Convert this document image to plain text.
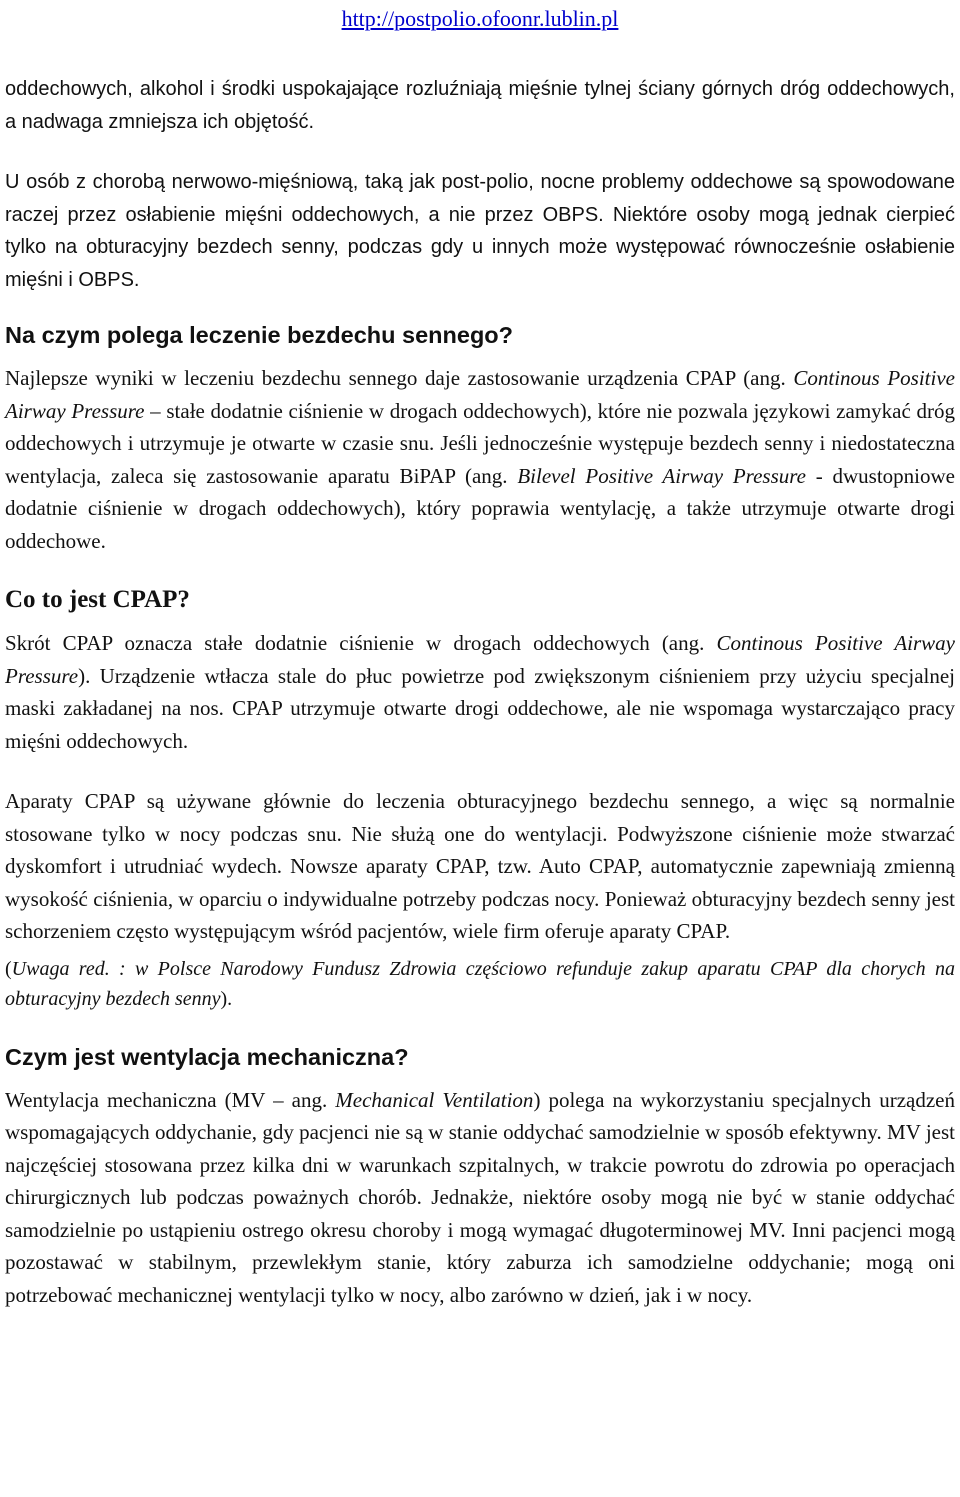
http://postpolio.ofoonr.lublin.pl

oddechowych, alkohol i środki uspokajające rozluźniają mięśnie tylnej ściany górnych dróg oddechowych, a nadwaga zmniejsza ich objętość.

U osób z chorobą nerwowo-mięśniową, taką jak post-polio, nocne problemy oddechowe są spowodowane raczej przez osłabienie mięśni oddechowych, a nie przez OBPS. Niektóre osoby mogą jednak cierpieć tylko na obturacyjny bezdech senny, podczas gdy u innych może występować równocześnie osłabienie mięśni i OBPS.

Na czym polega leczenie bezdechu sennego?

Najlepsze wyniki w leczeniu bezdechu sennego daje zastosowanie urządzenia CPAP (ang. Continous Positive Airway Pressure – stałe dodatnie ciśnienie w drogach oddechowych), które nie pozwala językowi zamykać dróg oddechowych i utrzymuje je otwarte w czasie snu. Jeśli jednocześnie występuje bezdech senny i niedostateczna wentylacja, zaleca się zastosowanie aparatu BiPAP (ang. Bilevel Positive Airway Pressure - dwustopniowe dodatnie ciśnienie w drogach oddechowych), który poprawia wentylację, a także utrzymuje otwarte drogi oddechowe.

Co to jest CPAP?

Skrót CPAP oznacza stałe dodatnie ciśnienie w drogach oddechowych (ang. Continous Positive Airway Pressure). Urządzenie wtłacza stale do płuc powietrze pod zwiększonym ciśnieniem przy użyciu specjalnej maski zakładanej na nos. CPAP utrzymuje otwarte drogi oddechowe, ale nie wspomaga wystarczająco pracy mięśni oddechowych.

Aparaty CPAP są używane głównie do leczenia obturacyjnego bezdechu sennego, a więc są normalnie stosowane tylko w nocy podczas snu. Nie służą one do wentylacji. Podwyższone ciśnienie może stwarzać dyskomfort i utrudniać wydech. Nowsze aparaty CPAP, tzw. Auto CPAP, automatycznie zapewniają zmienną wysokość ciśnienia, w oparciu o indywidualne potrzeby podczas nocy. Ponieważ obturacyjny bezdech senny jest schorzeniem często występującym wśród pacjentów, wiele firm oferuje aparaty CPAP.

(Uwaga red. : w Polsce Narodowy Fundusz Zdrowia częściowo refunduje zakup aparatu CPAP dla chorych na obturacyjny bezdech senny).

Czym jest wentylacja mechaniczna?

Wentylacja mechaniczna (MV – ang. Mechanical Ventilation) polega na wykorzystaniu specjalnych urządzeń wspomagających oddychanie, gdy pacjenci nie są w stanie oddychać samodzielnie w sposób efektywny. MV jest najczęściej stosowana przez kilka dni w warunkach szpitalnych, w trakcie powrotu do zdrowia po operacjach chirurgicznych lub podczas poważnych chorób. Jednakże, niektóre osoby mogą nie być w stanie oddychać samodzielnie po ustąpieniu ostrego okresu choroby i mogą wymagać długoterminowej MV. Inni pacjenci mogą pozostawać w stabilnym, przewlekłym stanie, który zaburza ich samodzielne oddychanie; mogą oni potrzebować mechanicznej wentylacji tylko w nocy, albo zarówno w dzień, jak i w nocy.
